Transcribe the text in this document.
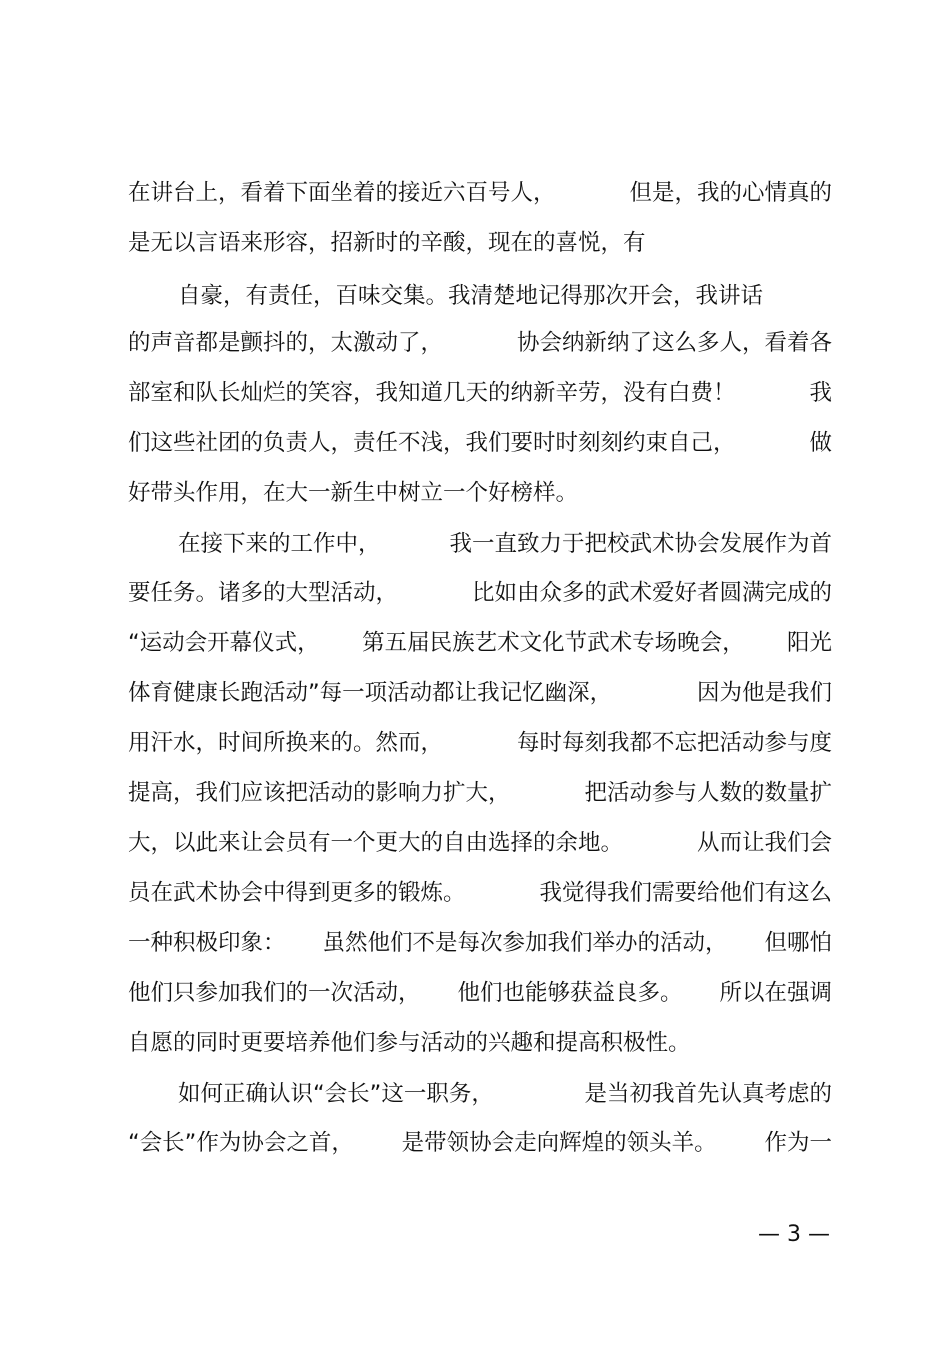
在讲台上，看着下面坐着的接近六百号人，	但是，我的心情真的
是无以言语来形容，招新时的辛酸，现在的喜悦，有
自豪，有责任，百味交集。我清楚地记得那次开会，我讲话
的声音都是颤抖的，太激动了，	协会纳新纳了这么多人，看着各
部室和队长灿烂的笑容，我知道几天的纳新辛劳，没有白费！	我
们这些社团的负责人，责任不浅，我们要时时刻刻约束自己，	做
好带头作用，在大一新生中树立一个好榜样。
在接下来的工作中，	我一直致力于把校武术协会发展作为首
要任务。诸多的大型活动，	比如由众多的武术爱好者圆满完成的
“运动会开幕仪式， 第五届民族艺术文化节武术专场晚会， 阳光
体育健康长跑活动”每一项活动都让我记忆幽深，	因为他是我们
用汗水，时间所换来的。然而，	每时每刻我都不忘把活动参与度
提高，我们应该把活动的影响力扩大，	把活动参与人数的数量扩
大，以此来让会员有一个更大的自由选择的余地。	从而让我们会
员在武术协会中得到更多的锻炼。	我觉得我们需要给他们有这么
一种积极印象： 虽然他们不是每次参加我们举办的活动， 但哪怕
他们只参加我们的一次活动， 他们也能够获益良多。 所以在强调
自愿的同时更要培养他们参与活动的兴趣和提高积极性。
如何正确认识“会长”这一职务，	是当初我首先认真考虑的
“会长”作为协会之首， 是带领协会走向辉煌的领头羊。 作为一
— 3 —
